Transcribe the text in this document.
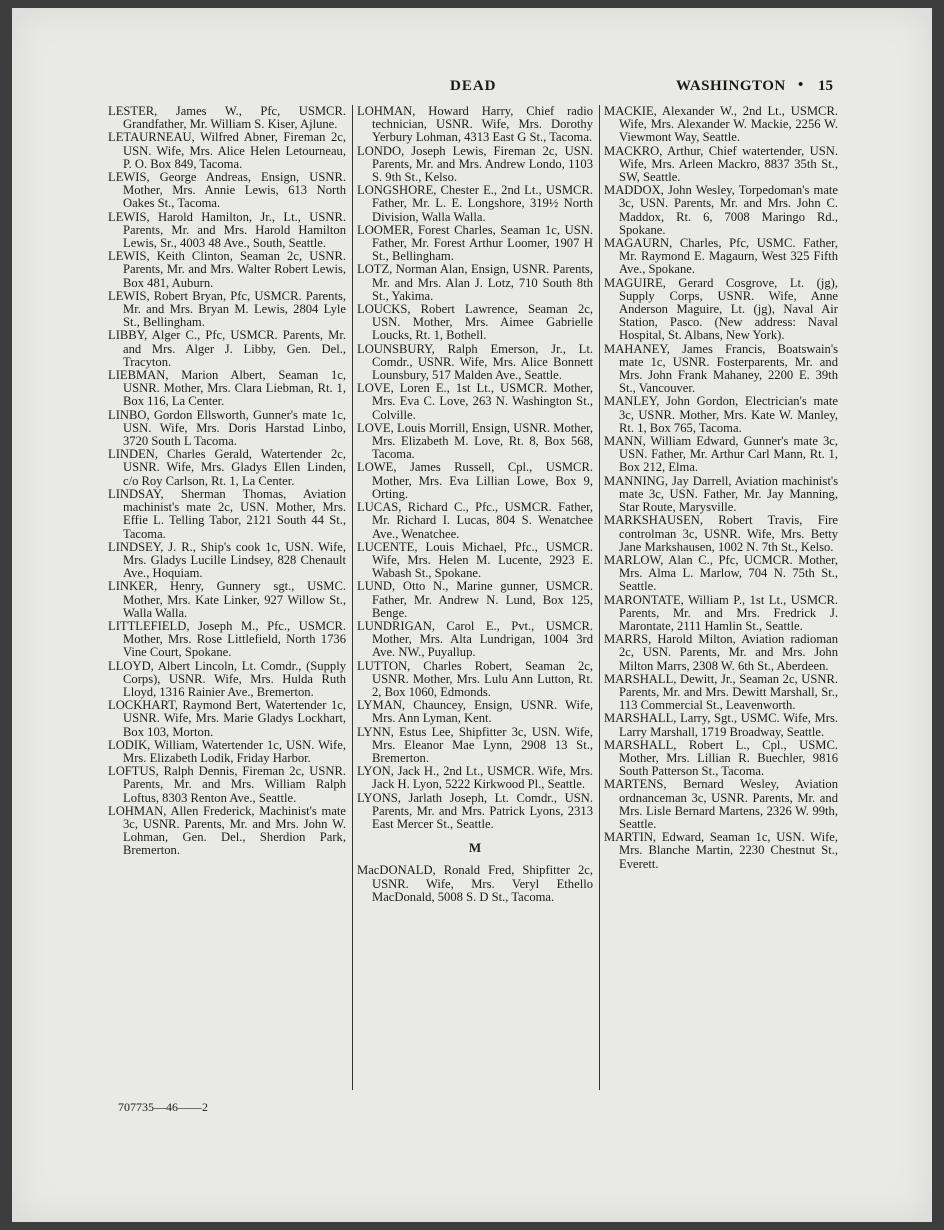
DEAD	WASHINGTON • 15
LESTER, James W., Pfc, USMCR. Grandfather, Mr. William S. Kiser, Ajlune.
LETAURNEAU, Wilfred Abner, Fireman 2c, USN. Wife, Mrs. Alice Helen Letourneau, P. O. Box 849, Tacoma.
LEWIS, George Andreas, Ensign, USNR. Mother, Mrs. Annie Lewis, 613 North Oakes St., Tacoma.
LEWIS, Harold Hamilton, Jr., Lt., USNR. Parents, Mr. and Mrs. Harold Hamilton Lewis, Sr., 4003 48 Ave., South, Seattle.
LEWIS, Keith Clinton, Seaman 2c, USNR. Parents, Mr. and Mrs. Walter Robert Lewis, Box 481, Auburn.
LEWIS, Robert Bryan, Pfc, USMCR. Parents, Mr. and Mrs. Bryan M. Lewis, 2804 Lyle St., Bellingham.
LIBBY, Alger C., Pfc, USMCR. Parents, Mr. and Mrs. Alger J. Libby, Gen. Del., Tracyton.
LIEBMAN, Marion Albert, Seaman 1c, USNR. Mother, Mrs. Clara Liebman, Rt. 1, Box 116, La Center.
LINBO, Gordon Ellsworth, Gunner's mate 1c, USN. Wife, Mrs. Doris Harstad Linbo, 3720 South L Tacoma.
LINDEN, Charles Gerald, Watertender 2c, USNR. Wife, Mrs. Gladys Ellen Linden, c/o Roy Carlson, Rt. 1, La Center.
LINDSAY, Sherman Thomas, Aviation machinist's mate 2c, USN. Mother, Mrs. Effie L. Telling Tabor, 2121 South 44 St., Tacoma.
LINDSEY, J. R., Ship's cook 1c, USN. Wife, Mrs. Gladys Lucille Lindsey, 828 Chenault Ave., Hoquiam.
LINKER, Henry, Gunnery sgt., USMC. Mother, Mrs. Kate Linker, 927 Willow St., Walla Walla.
LITTLEFIELD, Joseph M., Pfc., USMCR. Mother, Mrs. Rose Littlefield, North 1736 Vine Court, Spokane.
LLOYD, Albert Lincoln, Lt. Comdr., (Supply Corps), USNR. Wife, Mrs. Hulda Ruth Lloyd, 1316 Rainier Ave., Bremerton.
LOCKHART, Raymond Bert, Watertender 1c, USNR. Wife, Mrs. Marie Gladys Lockhart, Box 103, Morton.
LODIK, William, Watertender 1c, USN. Wife, Mrs. Elizabeth Lodik, Friday Harbor.
LOFTUS, Ralph Dennis, Fireman 2c, USNR. Parents, Mr. and Mrs. William Ralph Loftus, 8303 Renton Ave., Seattle.
LOHMAN, Allen Frederick, Machinist's mate 3c, USNR. Parents, Mr. and Mrs. John W. Lohman, Gen. Del., Sherdion Park, Bremerton.
LOHMAN, Howard Harry, Chief radio technician, USNR. Wife, Mrs. Dorothy Yerbury Lohman, 4313 East G St., Tacoma.
LONDO, Joseph Lewis, Fireman 2c, USN. Parents, Mr. and Mrs. Andrew Londo, 1103 S. 9th St., Kelso.
LONGSHORE, Chester E., 2nd Lt., USMCR. Father, Mr. L. E. Longshore, 319½ North Division, Walla Walla.
LOOMER, Forest Charles, Seaman 1c, USN. Father, Mr. Forest Arthur Loomer, 1907 H St., Bellingham.
LOTZ, Norman Alan, Ensign, USNR. Parents, Mr. and Mrs. Alan J. Lotz, 710 South 8th St., Yakima.
LOUCKS, Robert Lawrence, Seaman 2c, USN. Mother, Mrs. Aimee Gabrielle Loucks, Rt. 1, Bothell.
LOUNSBURY, Ralph Emerson, Jr., Lt. Comdr., USNR. Wife, Mrs. Alice Bonnett Lounsbury, 517 Malden Ave., Seattle.
LOVE, Loren E., 1st Lt., USMCR. Mother, Mrs. Eva C. Love, 263 N. Washington St., Colville.
LOVE, Louis Morrill, Ensign, USNR. Mother, Mrs. Elizabeth M. Love, Rt. 8, Box 568, Tacoma.
LOWE, James Russell, Cpl., USMCR. Mother, Mrs. Eva Lillian Lowe, Box 9, Orting.
LUCAS, Richard C., Pfc., USMCR. Father, Mr. Richard I. Lucas, 804 S. Wenatchee Ave., Wenatchee.
LUCENTE, Louis Michael, Pfc., USMCR. Wife, Mrs. Helen M. Lucente, 2923 E. Wabash St., Spokane.
LUND, Otto N., Marine gunner, USMCR. Father, Mr. Andrew N. Lund, Box 125, Benge.
LUNDRIGAN, Carol E., Pvt., USMCR. Mother, Mrs. Alta Lundrigan, 1004 3rd Ave. NW., Puyallup.
LUTTON, Charles Robert, Seaman 2c, USNR. Mother, Mrs. Lulu Ann Lutton, Rt. 2, Box 1060, Edmonds.
LYMAN, Chauncey, Ensign, USNR. Wife, Mrs. Ann Lyman, Kent.
LYNN, Estus Lee, Shipfitter 3c, USN. Wife, Mrs. Eleanor Mae Lynn, 2908 13 St., Bremerton.
LYON, Jack H., 2nd Lt., USMCR. Wife, Mrs. Jack H. Lyon, 5222 Kirkwood Pl., Seattle.
LYONS, Jarlath Joseph, Lt. Comdr., USN. Parents, Mr. and Mrs. Patrick Lyons, 2313 East Mercer St., Seattle.
M
MacDONALD, Ronald Fred, Shipfitter 2c, USNR. Wife, Mrs. Veryl Ethello MacDonald, 5008 S. D St., Tacoma.
MACKIE, Alexander W., 2nd Lt., USMCR. Wife, Mrs. Alexander W. Mackie, 2256 W. Viewmont Way, Seattle.
MACKRO, Arthur, Chief watertender, USN. Wife, Mrs. Arleen Mackro, 8837 35th St., SW, Seattle.
MADDOX, John Wesley, Torpedoman's mate 3c, USN. Parents, Mr. and Mrs. John C. Maddox, Rt. 6, 7008 Maringo Rd., Spokane.
MAGAURN, Charles, Pfc, USMC. Father, Mr. Raymond E. Magaurn, West 325 Fifth Ave., Spokane.
MAGUIRE, Gerard Cosgrove, Lt. (jg), Supply Corps, USNR. Wife, Anne Anderson Maguire, Lt. (jg), Naval Air Station, Pasco. (New address: Naval Hospital, St. Albans, New York).
MAHANEY, James Francis, Boatswain's mate 1c, USNR. Fosterparents, Mr. and Mrs. John Frank Mahaney, 2200 E. 39th St., Vancouver.
MANLEY, John Gordon, Electrician's mate 3c, USNR. Mother, Mrs. Kate W. Manley, Rt. 1, Box 765, Tacoma.
MANN, William Edward, Gunner's mate 3c, USN. Father, Mr. Arthur Carl Mann, Rt. 1, Box 212, Elma.
MANNING, Jay Darrell, Aviation machinist's mate 3c, USN. Father, Mr. Jay Manning, Star Route, Marysville.
MARKSHAUSEN, Robert Travis, Fire controlman 3c, USNR. Wife, Mrs. Betty Jane Markshausen, 1002 N. 7th St., Kelso.
MARLOW, Alan C., Pfc, UCMCR. Mother, Mrs. Alma L. Marlow, 704 N. 75th St., Seattle.
MARONTATE, William P., 1st Lt., USMCR. Parents, Mr. and Mrs. Fredrick J. Marontate, 2111 Hamlin St., Seattle.
MARRS, Harold Milton, Aviation radioman 2c, USN. Parents, Mr. and Mrs. John Milton Marrs, 2308 W. 6th St., Aberdeen.
MARSHALL, Dewitt, Jr., Seaman 2c, USNR. Parents, Mr. and Mrs. Dewitt Marshall, Sr., 113 Commercial St., Leavenworth.
MARSHALL, Larry, Sgt., USMC. Wife, Mrs. Larry Marshall, 1719 Broadway, Seattle.
MARSHALL, Robert L., Cpl., USMC. Mother, Mrs. Lillian R. Buechler, 9816 South Patterson St., Tacoma.
MARTENS, Bernard Wesley, Aviation ordnanceman 3c, USNR. Parents, Mr. and Mrs. Lisle Bernard Martens, 2326 W. 99th, Seattle.
MARTIN, Edward, Seaman 1c, USN. Wife, Mrs. Blanche Martin, 2230 Chestnut St., Everett.
707735—46——2
